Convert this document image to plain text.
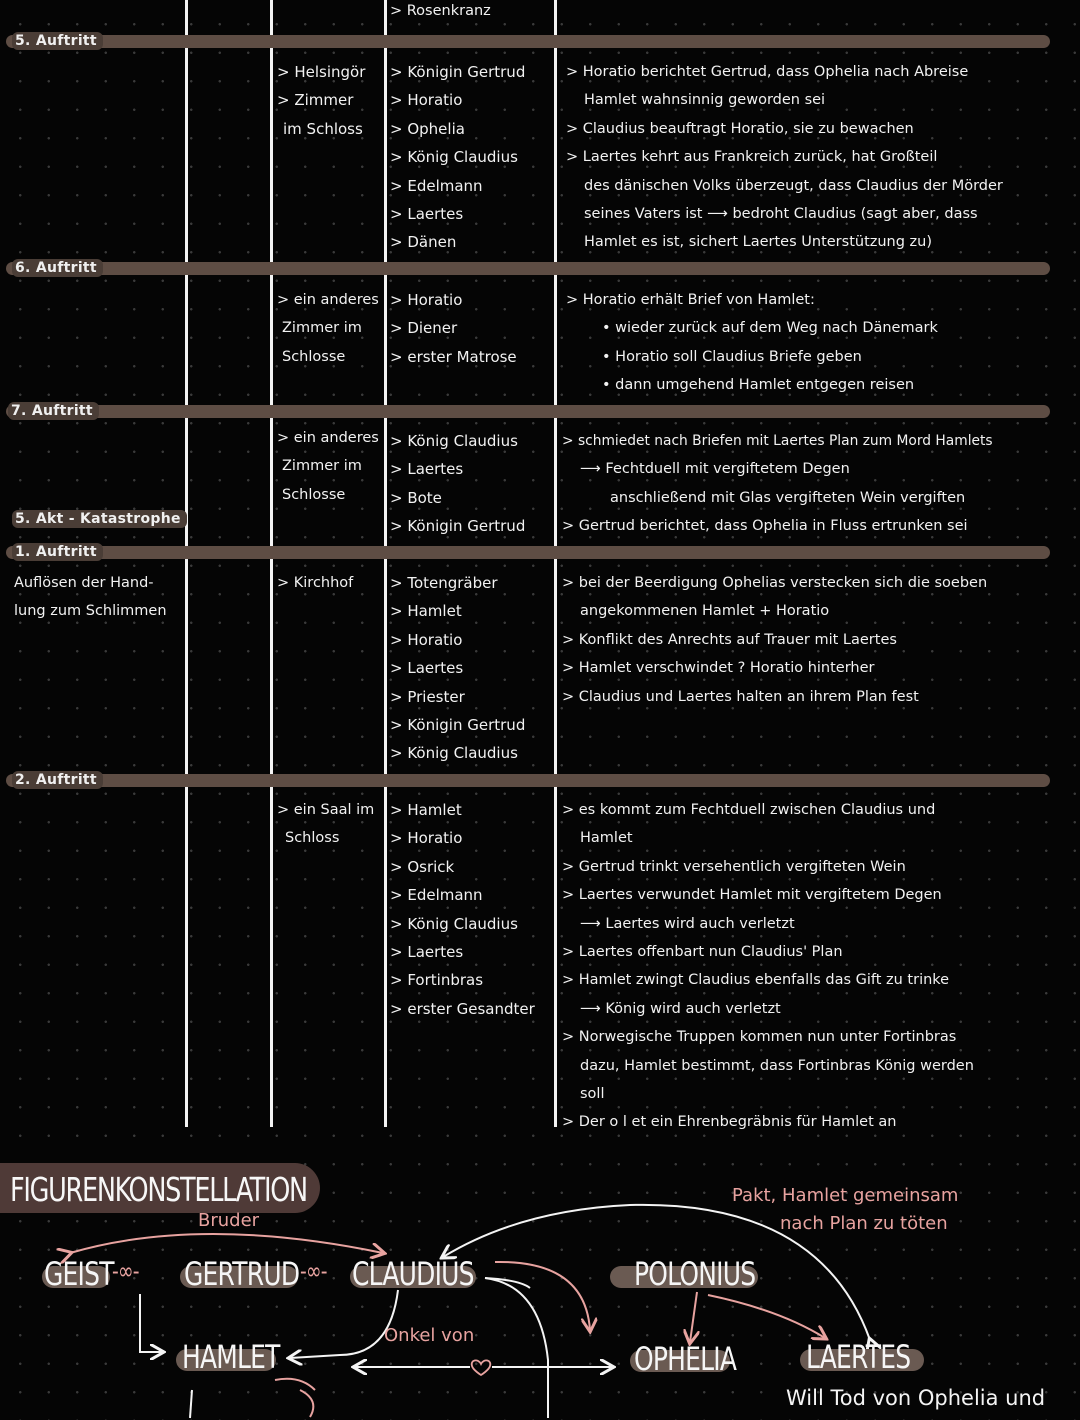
> Rosenkranz
5. Auftritt
> Helsingör
> Zimmer
im Schloss
> Königin Gertrud
> Horatio
> Ophelia
> König Claudius
> Edelmann
> Laertes
> Dänen
> Horatio berichtet Gertrud, dass Ophelia nach Abreise
Hamlet wahnsinnig geworden sei
> Claudius beauftragt Horatio, sie zu bewachen
> Laertes kehrt aus Frankreich zurück, hat Großteil
des dänischen Volks überzeugt, dass Claudius der Mörder
seines Vaters ist ⟶ bedroht Claudius (sagt aber, dass
Hamlet es ist, sichert Laertes Unterstützung zu)
6. Auftritt
> ein anderes
Zimmer im
Schlosse
> Horatio
> Diener
> erster Matrose
> Horatio erhält Brief von Hamlet:
• wieder zurück auf dem Weg nach Dänemark
• Horatio soll Claudius Briefe geben
• dann umgehend Hamlet entgegen reisen
7. Auftritt
5. Akt - Katastrophe
> ein anderes
Zimmer im
Schlosse
> König Claudius
> Laertes
> Bote
> Königin Gertrud
> schmiedet nach Briefen mit Laertes Plan zum Mord Hamlets
⟶ Fechtduell mit vergiftetem Degen
anschließend mit Glas vergifteten Wein vergiften
> Gertrud berichtet, dass Ophelia in Fluss ertrunken sei
1. Auftritt
Auflösen der Hand-
lung zum Schlimmen
> Kirchhof > Totengräber
> Hamlet
> Horatio
> Laertes
> Priester
> Königin Gertrud
> König Claudius
> bei der Beerdigung Ophelias verstecken sich die soeben
angekommenen Hamlet + Horatio
> Konflikt des Anrechts auf Trauer mit Laertes
> Hamlet verschwindet ? Horatio hinterher
> Claudius und Laertes halten an ihrem Plan fest
2. Auftritt
> ein Saal im
Schloss
> Hamlet
> Horatio
> Osrick
> Edelmann
> König Claudius
> Laertes
> Fortinbras
> erster Gesandter
> es kommt zum Fechtduell zwischen Claudius und
Hamlet
> Gertrud trinkt versehentlich vergifteten Wein
> Laertes verwundet Hamlet mit vergiftetem Degen
⟶ Laertes wird auch verletzt
> Laertes offenbart nun Claudius' Plan
> Hamlet zwingt Claudius ebenfalls das Gift zu trinke
⟶ König wird auch verletzt
> Norwegische Truppen kommen nun unter Fortinbras
dazu, Hamlet bestimmt, dass Fortinbras König werden
soll
> Der o l et ein Ehrenbegräbnis für Hamlet an
FIGURENKONSTELLATION
GEIST
-∞- GERTRUD -∞- CLAUDIUS
HAMLET
POLONIUS
OPHELIA LAERTES
Bruder
Onkel von
Pakt, Hamlet gemeinsam
nach Plan zu töten
Will Tod von Ophelia und
